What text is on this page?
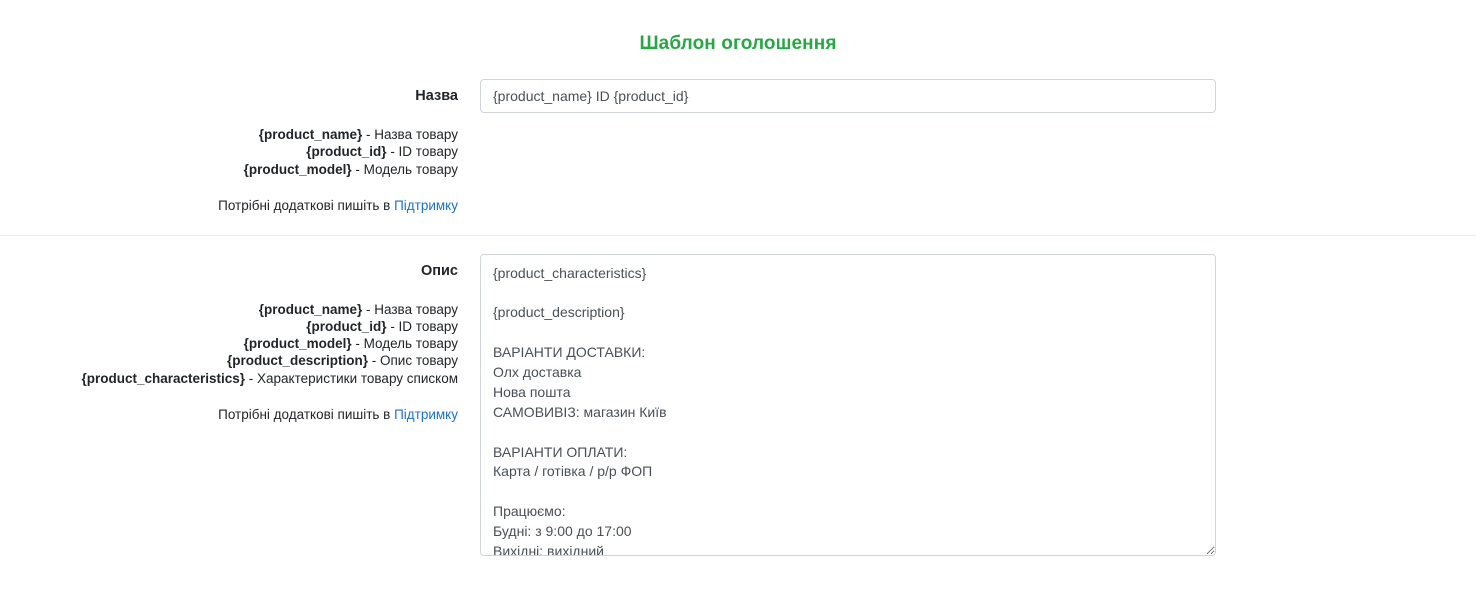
Шаблон оголошення
Назва
{product_name} - Назва товару
{product_id} - ID товару
{product_model} - Модель товару
Потрібні додаткові пишіть в Підтримку
{product_name} ID {product_id}
Опис
{product_name} - Назва товару
{product_id} - ID товару
{product_model} - Модель товару
{product_description} - Опис товару
{product_characteristics} - Характеристики товару списком
Потрібні додаткові пишіть в Підтримку
{product_characteristics} {product_description} ВАРІАНТИ ДОСТАВКИ: Олх доставка Нова пошта САМОВИВІЗ: магазин Київ ВАРІАНТИ ОПЛАТИ: Карта / готівка / р/р ФОП Працюємо: Будні: з 9:00 до 17:00 Вихідні: вихідний
